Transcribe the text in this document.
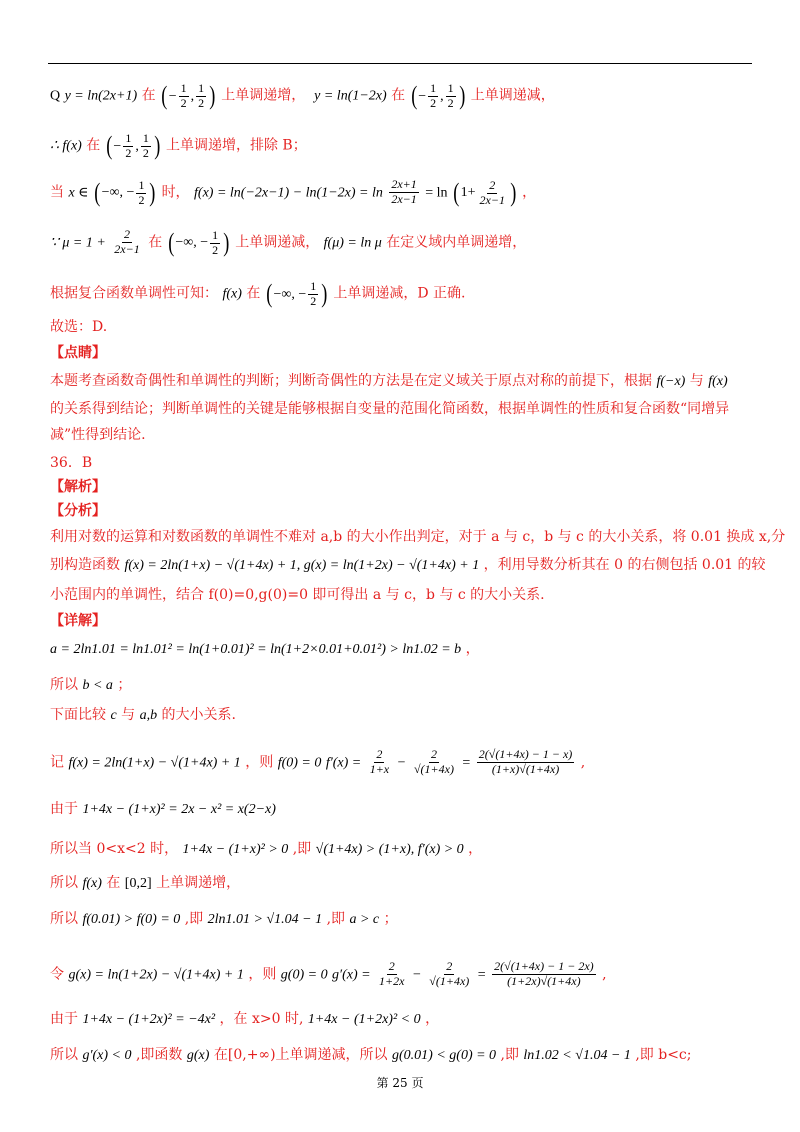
Q y = ln(2x+1) 在 (− $\frac{1}{2}$ , $\frac{1}{2}$ ) 上单调递增， y = ln(1−2x) 在 (− $\frac{1}{2}$ , $\frac{1}{2}$ ) 上单调递减，
∴ f(x) 在 (− $\frac{1}{2}$ , $\frac{1}{2}$ ) 上单调递增，排除 B；
当 x ∈ (−∞, − $\frac{1}{2}$ ) 时， $f(x) = \ln(-2x-1) - \ln(1-2x) = \ln \frac{2x+1}{2x-1} = \ln (1+ \frac{2}{2x-1}$ ) ，
∵ $\mu = 1 + \frac{2}{2x-1}$ 在 (−∞, − $\frac{1}{2}$ ) 上单调递减， f(μ) = ln μ 在定义域内单调递增，
根据复合函数单调性可知： f(x) 在 (−∞, − $\frac{1}{2}$ ) 上单调递减，D 正确.
故选：D.
【点睛】
本题考查函数奇偶性和单调性的判断；判断奇偶性的方法是在定义域关于原点对称的前提下，根据 f(−x) 与 f(x)
的关系得到结论；判断单调性的关键是能够根据自变量的范围化简函数，根据单调性的性质和复合函数“同增异
减”性得到结论.
36．B
【解析】
【分析】
利用对数的运算和对数函数的单调性不难对 a,b 的大小作出判定，对于 a 与 c，b 与 c 的大小关系，将 0.01 换成 x,分
别构造函数 f(x) = 2ln(1+x) − √(1+4x) + 1, g(x) = ln(1+2x) − √(1+4x) + 1 ，利用导数分析其在 0 的右侧包括 0.01 的较
小范围内的单调性，结合 f(0)=0,g(0)=0 即可得出 a 与 c，b 与 c 的大小关系.
【详解】
a = 2ln1.01 = ln1.01² = ln(1+0.01)² = ln(1+2×0.01+0.01²) > ln1.02 = b ，
所以 b < a ；
下面比较 c 与 a,b 的大小关系.
记 f(x) = 2ln(1+x) − √(1+4x) + 1 ，则 f(0) = 0 $f'(x) = \frac{2}{1+x} - \frac{2}{√(1+4x)} = \frac{2(√(1+4x) - 1 - x)}{(1+x)√(1+4x)}$ ,
由于 1+4x − (1+x)² = 2x − x² = x(2−x)
所以当 0<x<2 时， 1+4x − (1+x)² > 0 ,即 √(1+4x) > (1+x), f′(x) > 0 ，
所以 f(x) 在 [0,2] 上单调递增，
所以 f(0.01) > f(0) = 0 ,即 2ln1.01 > √1.04 − 1 ,即 a > c ；
令 g(x) = ln(1+2x) − √(1+4x) + 1 ，则 g(0) = 0 $g'(x) = \frac{2}{1+2x} - \frac{2}{√(1+4x)} = \frac{2(√(1+4x) - 1 - 2x)}{(1+2x)√(1+4x)}$ ,
由于 1+4x − (1+2x)² = −4x² ，在 x>0 时, 1+4x − (1+2x)² < 0 ，
所以 g′(x) < 0 ,即函数 g(x) 在[0,+∞)上单调递减，所以 g(0.01) < g(0) = 0 ,即 ln1.02 < √1.04 − 1 ,即 b<c;
第 25 页
